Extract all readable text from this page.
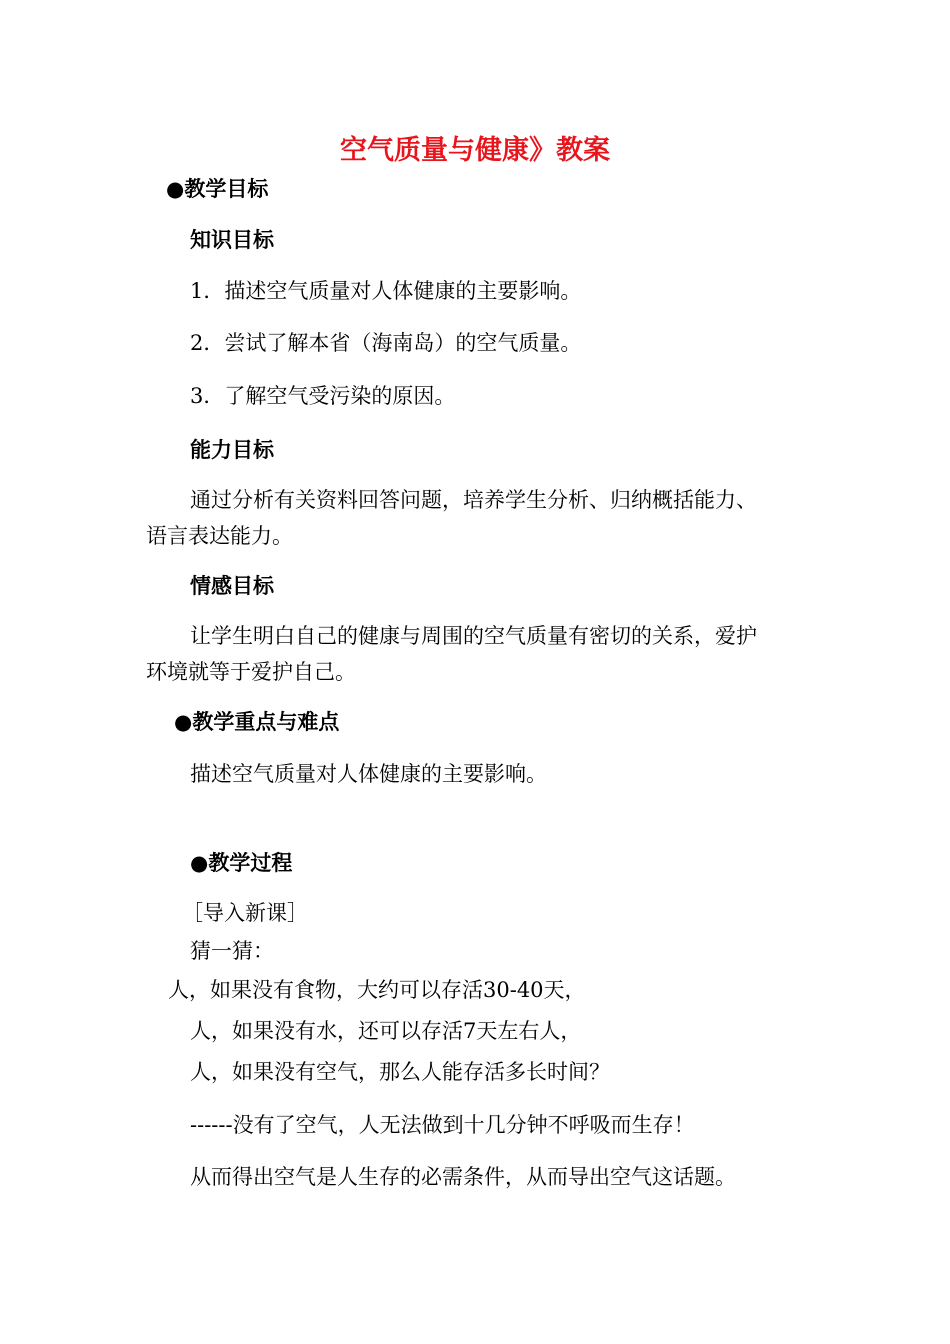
空气质量与健康》教案
●教学目标
知识目标
1．描述空气质量对人体健康的主要影响。
2．尝试了解本省（海南岛）的空气质量。
3．了解空气受污染的原因。
能力目标
通过分析有关资料回答问题，培养学生分析、归纳概括能力、
语言表达能力。
情感目标
让学生明白自己的健康与周围的空气质量有密切的关系，爱护
环境就等于爱护自己。
●教学重点与难点
描述空气质量对人体健康的主要影响。
●教学过程
［导入新课］
猜一猜：
人，如果没有食物，大约可以存活30-40天，
人，如果没有水，还可以存活7天左右人，
人，如果没有空气，那么人能存活多长时间？
------没有了空气，人无法做到十几分钟不呼吸而生存！
从而得出空气是人生存的必需条件，从而导出空气这话题。
